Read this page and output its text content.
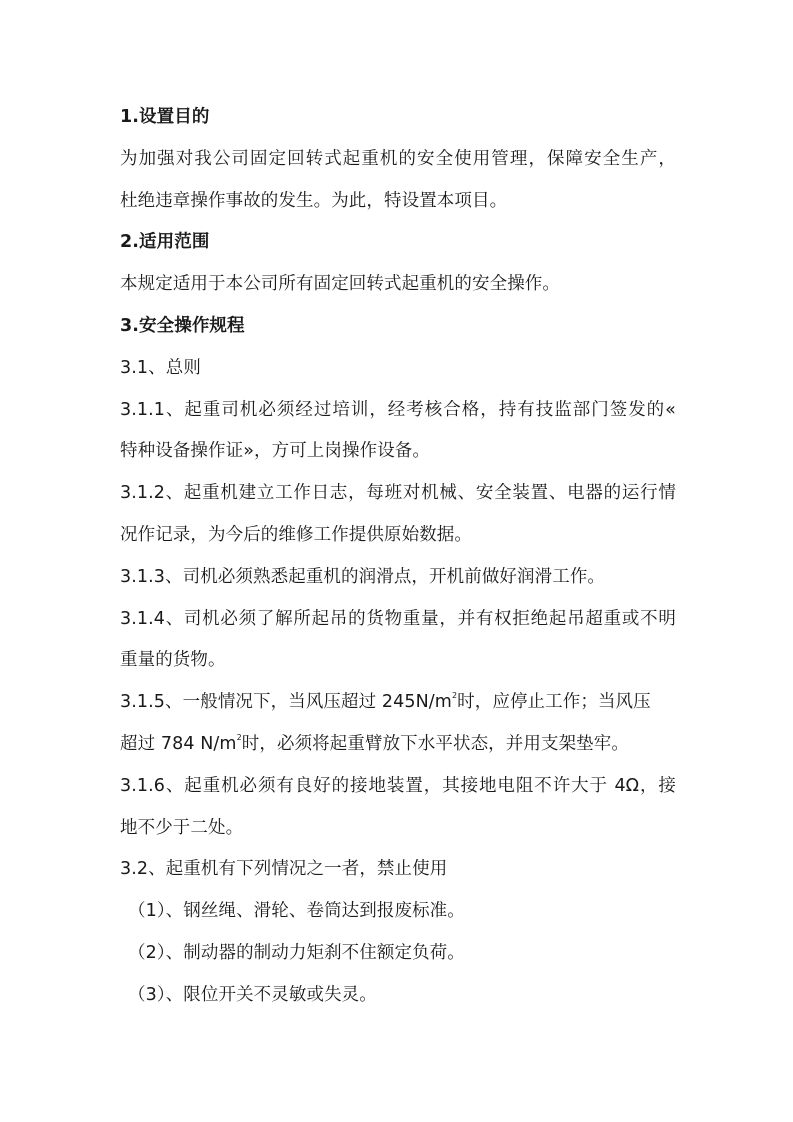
1.设置目的
为加强对我公司固定回转式起重机的安全使用管理，保障安全生产，
杜绝违章操作事故的发生。为此，特设置本项目。
2.适用范围
本规定适用于本公司所有固定回转式起重机的安全操作。
3.安全操作规程
3.1、总则
3.1.1、起重司机必须经过培训，经考核合格，持有技监部门签发的«
特种设备操作证»，方可上岗操作设备。
3.1.2、起重机建立工作日志，每班对机械、安全装置、电器的运行情
况作记录，为今后的维修工作提供原始数据。
3.1.3、司机必须熟悉起重机的润滑点，开机前做好润滑工作。
3.1.4、司机必须了解所起吊的货物重量，并有权拒绝起吊超重或不明
重量的货物。
3.1.5、一般情况下，当风压超过 $245N/m^2$时，应停止工作；当风压
超过 784 $N/m^2$时，必须将起重臂放下水平状态，并用支架垫牢。
3.1.6、起重机必须有良好的接地装置，其接地电阻不许大于 4Ω，接
地不少于二处。
3.2、起重机有下列情况之一者，禁止使用
（1）、钢丝绳、滑轮、卷筒达到报废标准。
（2）、制动器的制动力矩刹不住额定负荷。
（3）、限位开关不灵敏或失灵。
